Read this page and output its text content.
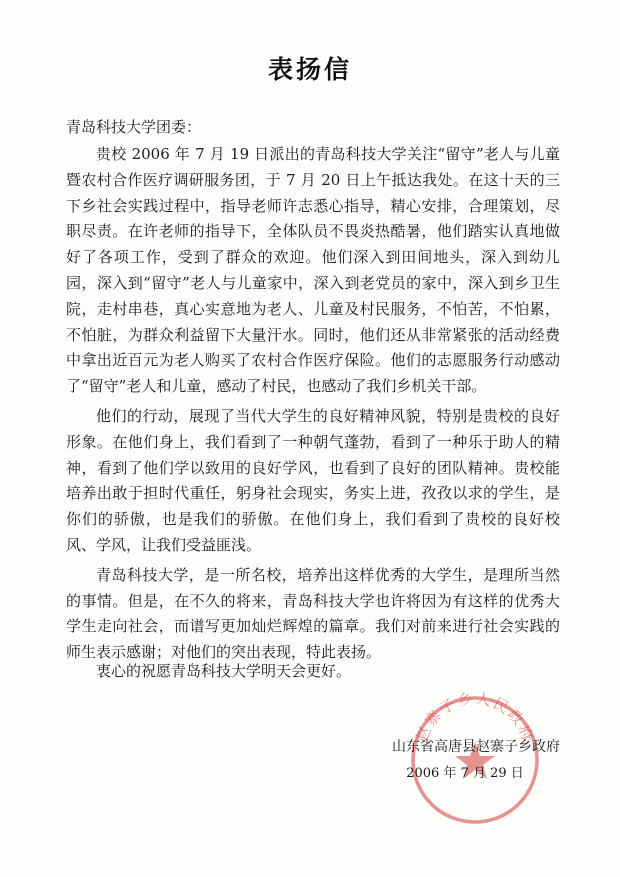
表扬信
青岛科技大学团委：

贵校 2006 年 7 月 19 日派出的青岛科技大学关注“留守”老人与儿童暨农村合作医疗调研服务团，于 7 月 20 日上午抵达我处。在这十天的三下乡社会实践过程中，指导老师许志悉心指导，精心安排，合理策划，尽职尽责。在许老师的指导下，全体队员不畏炎热酷暑，他们踏实认真地做好了各项工作，受到了群众的欢迎。他们深入到田间地头，深入到幼儿园，深入到“留守”老人与儿童家中，深入到老党员的家中，深入到乡卫生院，走村串巷，真心实意地为老人、儿童及村民服务，不怕苦，不怕累，不怕脏，为群众利益留下大量汗水。同时，他们还从非常紧张的活动经费中拿出近百元为老人购买了农村合作医疗保险。他们的志愿服务行动感动了“留守”老人和儿童，感动了村民，也感动了我们乡机关干部。

他们的行动，展现了当代大学生的良好精神风貌，特别是贵校的良好形象。在他们身上，我们看到了一种朝气蓬勃，看到了一种乐于助人的精神，看到了他们学以致用的良好学风，也看到了良好的团队精神。贵校能培养出敢于担时代重任，躬身社会现实，务实上进，孜孜以求的学生，是你们的骄傲，也是我们的骄傲。在他们身上，我们看到了贵校的良好校风、学风，让我们受益匪浅。

青岛科技大学，是一所名校，培养出这样优秀的大学生，是理所当然的事情。但是，在不久的将来，青岛科技大学也许将因为有这样的优秀大学生走向社会，而谱写更加灿烂辉煌的篇章。我们对前来进行社会实践的师生表示感谢；对他们的突出表现，特此表扬。

衷心的祝愿青岛科技大学明天会更好。
赵寨子乡人民政府
山东省高唐县赵寨子乡政府
2006 年 7 月 29 日
